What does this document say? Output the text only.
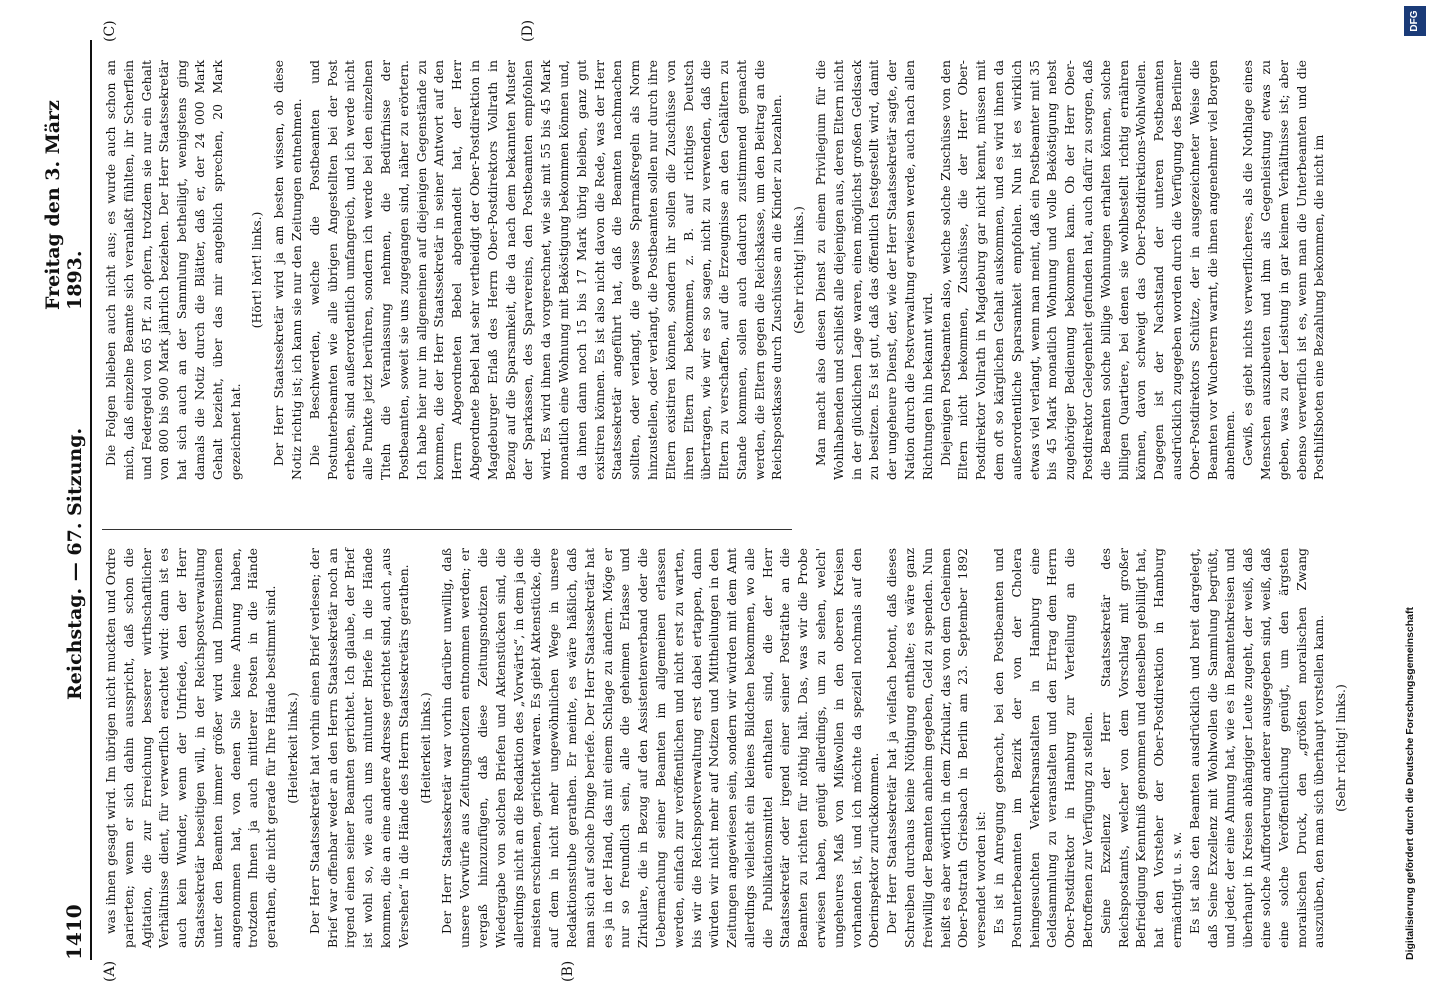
1410
Reichstag. — 67. Sitzung.
Freitag den 3. März 1893.
(A)	(B)
(C)	(D)

was ihnen gesagt wird. Im übrigen nicht muckten und Ordre parierten; wenn er sich dahin ausspricht, daß schon die Agitation, die zur Erreichung besserer wirthschaftlicher Verhältnisse dient, für verwerflich erachtet wird: dann ist es auch kein Wunder, wenn der Unfriede, den der Herr Staatssekretär beseitigen will, in der Reichspostverwaltung unter den Beamten immer größer wird und Dimensionen angenommen hat, von denen Sie keine Ahnung haben, trotzdem Ihnen ja auch mittlerer Posten in die Hände gerathen, die nicht gerade für Ihre Hände bestimmt sind. (Heiterkeit links.) Der Herr Staatssekretär hat vorhin einen Brief verlesen; der Brief war offenbar weder an den Herrn Staatssekretär noch an irgend einen seiner Beamten gerichtet. Ich glaube, der Brief ist wohl so, wie auch uns mitunter Briefe in die Hände kommen, die an eine andere Adresse gerichtet sind, auch „aus Versehen“ in die Hände des Herrn Staatssekretärs gerathen. (Heiterkeit links.) Der Herr Staatssekretär war vorhin darüber unwillig, daß unsere Vorwürfe aus Zeitungsnotizen entnommen werden; er vergaß hinzuzufügen, daß diese Zeitungsnotizen die Wiedergabe von solchen Briefen und Aktenstücken sind, die allerdings nicht an die Redaktion des „Vorwärts“, in dem ja die meisten erschienen, gerichtet waren. Es giebt Aktenstücke, die auf dem in nicht mehr ungewöhnlichen Wege in unsere Redaktionsstube gerathen. Er meinte, es wäre häßlich, daß man sich auf solche Dinge beriefe. Der Herr Staatssekretär hat es ja in der Hand, das mit einem Schlage zu ändern. Möge er nur so freundlich sein, alle die geheimen Erlasse und Zirkulare, die in Bezug auf den Assistentenverband oder die Uebermachung seiner Beamten im allgemeinen erlassen werden, einfach zur veröffentlichen und nicht erst zu warten, bis wir die Reichspostverwaltung erst dabei ertappen, dann würden wir nicht mehr auf Notizen und Mittheilungen in den Zeitungen angewiesen sein, sondern wir würden mit dem Amt allerdings vielleicht ein kleines Bildchen bekommen, wo alle die Publikationsmittel enthalten sind, die der Herr Staatssekretär oder irgend einer seiner Posträthe an die Beamten zu richten für nöthig hält. Das, was wir die Probe erwiesen haben, genügt allerdings, um zu sehen, welch' ungeheures Maß von Mißwollen in den oberen Kreisen vorhanden ist, und ich möchte da speziell nochmals auf den Oberinspektor zurückkommen. Der Herr Staatssekretär hat ja vielfach betont, daß dieses Schreiben durchaus keine Nöthigung enthalte; es wäre ganz freiwillig der Beamten anheim gegeben, Geld zu spenden. Nun heißt es aber wörtlich in dem Zirkular, das von dem Geheimen Ober-Postrath Griesbach in Berlin am 23. September 1892 versendet worden ist: Es ist in Anregung gebracht, bei den Postbeamten und Postunterbeamten im Bezirk der von der Cholera heimgesuchten Verkehrsanstalten in Hamburg eine Geldsammlung zu veranstalten und den Ertrag dem Herrn Ober-Postdirektor in Hamburg zur Verteilung an die Betroffenen zur Verfügung zu stellen. Seine Exzellenz der Herr Staatssekretär des Reichspostamts, welcher von dem Vorschlag mit großer Befriedigung Kenntniß genommen und denselben gebilligt hat, hat den Vorsteher der Ober-Postdirektion in Hamburg ermächtigt u. s. w. Es ist also den Beamten ausdrücklich und breit dargelegt, daß Seine Exzellenz mit Wohlwollen die Sammlung begrüßt, und jeder, der eine Ahnung hat, wie es in Beamtenkreisen und überhaupt in Kreisen abhängiger Leute zugeht, der weiß, daß eine solche Aufforderung anderer ausgegeben sind, weiß, daß eine solche Veröffentlichung genügt, um den ärgsten moralischen Druck, den „größten moralischen Zwang auszuüben, den man sich überhaupt vorstellen kann. (Sehr richtig! links.)

Die Folgen blieben auch nicht aus; es wurde auch schon an mich, daß einzelne Beamte sich veranlaßt fühlten, ihr Scherflein und Federgeld von 65 Pf. zu opfern, trotzdem sie nur ein Gehalt von 800 bis 900 Mark jährlich beziehen. Der Herr Staatssekretär hat sich auch an der Sammlung betheiligt, wenigstens ging damals die Notiz durch die Blätter, daß er, der 24 000 Mark Gehalt bezieht, über das mir angeblich sprechen, 20 Mark gezeichnet hat.

(Hört! hört! links.) Der Herr Staatssekretär wird ja am besten wissen, ob diese Notiz richtig ist; ich kann sie nur den Zeitungen entnehmen. Die Beschwerden, welche die Postbeamten und Postunterbeamten wie alle übrigen Angestellten bei der Post erheben, sind außerordentlich umfangreich, und ich werde nicht alle Punkte jetzt berühren, sondern ich werde bei den einzelnen Titeln die Veranlassung nehmen, die Bedürfnisse der Postbeamten, soweit sie uns zugegangen sind, näher zu erörtern. Ich habe hier nur im allgemeinen auf diejenigen Gegenstände zu kommen, die der Herr Staatssekretär in seiner Antwort auf den Herrn Abgeordneten Bebel abgehandelt hat, der Herr Abgeordnete Bebel hat sehr vertheidigt der Ober-Postdirektion in Magdeburger Erlaß des Herrn Ober-Postdirektors Vollrath in Bezug auf die Sparsamkeit, die da nach dem bekannten Muster der Sparkassen, des Sparvereins, den Postbeamten empfohlen wird. Es wird ihnen da vorgerechnet, wie sie mit 55 bis 45 Mark monatlich eine Wohnung mit Beköstigung bekommen können und, da ihnen dann noch 15 bis 17 Mark übrig bleiben, ganz gut existiren können. Es ist also nicht davon die Rede, was der Herr Staatssekretär angeführt hat, daß die Beamten nachmachen sollten, oder verlangt, die gewisse Sparmaßregeln als Norm hinzustellen, oder verlangt, die Postbeamten sollen nur durch ihre Eltern existiren können, sondern ihr sollen die Zuschüsse von ihren Eltern zu bekommen, z. B. auf richtiges Deutsch übertragen, wie wir es so sagen, nicht zu verwenden, daß die Eltern zu verschaffen, auf die Erzeugnisse an den Gehältern zu Stande kommen, sollen auch dadurch zustimmend gemacht werden, die Eltern gegen die Reichskasse, um den Beitrag an die Reichspostkasse durch Zuschüsse an die Kinder zu bezahlen. (Sehr richtig! links.) Man macht also diesen Dienst zu einem Privilegium für die Wohlhabenden und schließt alle diejenigen aus, deren Eltern nicht in der glücklichen Lage waren, einen möglichst großen Geldsack zu besitzen. Es ist gut, daß das öffentlich festgestellt wird, damit der ungeheure Dienst, der, wie der Herr Staatssekretär sagte, der Nation durch die Postverwaltung erwiesen werde, auch nach allen Richtungen hin bekannt wird. Diejenigen Postbeamten also, welche solche Zuschüsse von den Eltern nicht bekommen, Zuschüsse, die der Herr Ober-Postdirektor Vollrath in Magdeburg gar nicht kennt, müssen mit dem oft so kärglichen Gehalt auskommen, und es wird ihnen da außerordentliche Sparsamkeit empfohlen. Nun ist es wirklich etwas viel verlangt, wenn man meint, daß ein Postbeamter mit 35 bis 45 Mark monatlich Wohnung und volle Beköstigung nebst zugehöriger Bedienung bekommen kann. Ob der Herr Ober-Postdirektor Gelegenheit gefunden hat, auch dafür zu sorgen, daß die Beamten solche billige Wohnungen erhalten können, solche billigen Quartiere, bei denen sie wohlbestellt richtig ernähren können, davon schweigt das Ober-Postdirektions-Wohlwollen. Dagegen ist der Nachstand der unteren Postbeamten ausdrücklich zugegeben worden durch die Verfügung des Berliner Ober-Postdirektors Schütze, der in ausgezeichneter Weise die Beamten vor Wucherern warnt, die ihnen angenehmer viel Borgen abnehmen. Gewiß, es giebt nichts verwerflicheres, als die Nothlage eines Menschen auszubeuten und ihm als Gegenleistung etwas zu geben, was zu der Leistung in gar keinem Verhältnisse ist; aber ebenso verwerflich ist es, wenn man die Unterbeamten und die Posthilfsboten eine Bezahlung bekommen, die nicht im

Digitalisierung gefördert durch die Deutsche Forschungsgemeinschaft
DFG
